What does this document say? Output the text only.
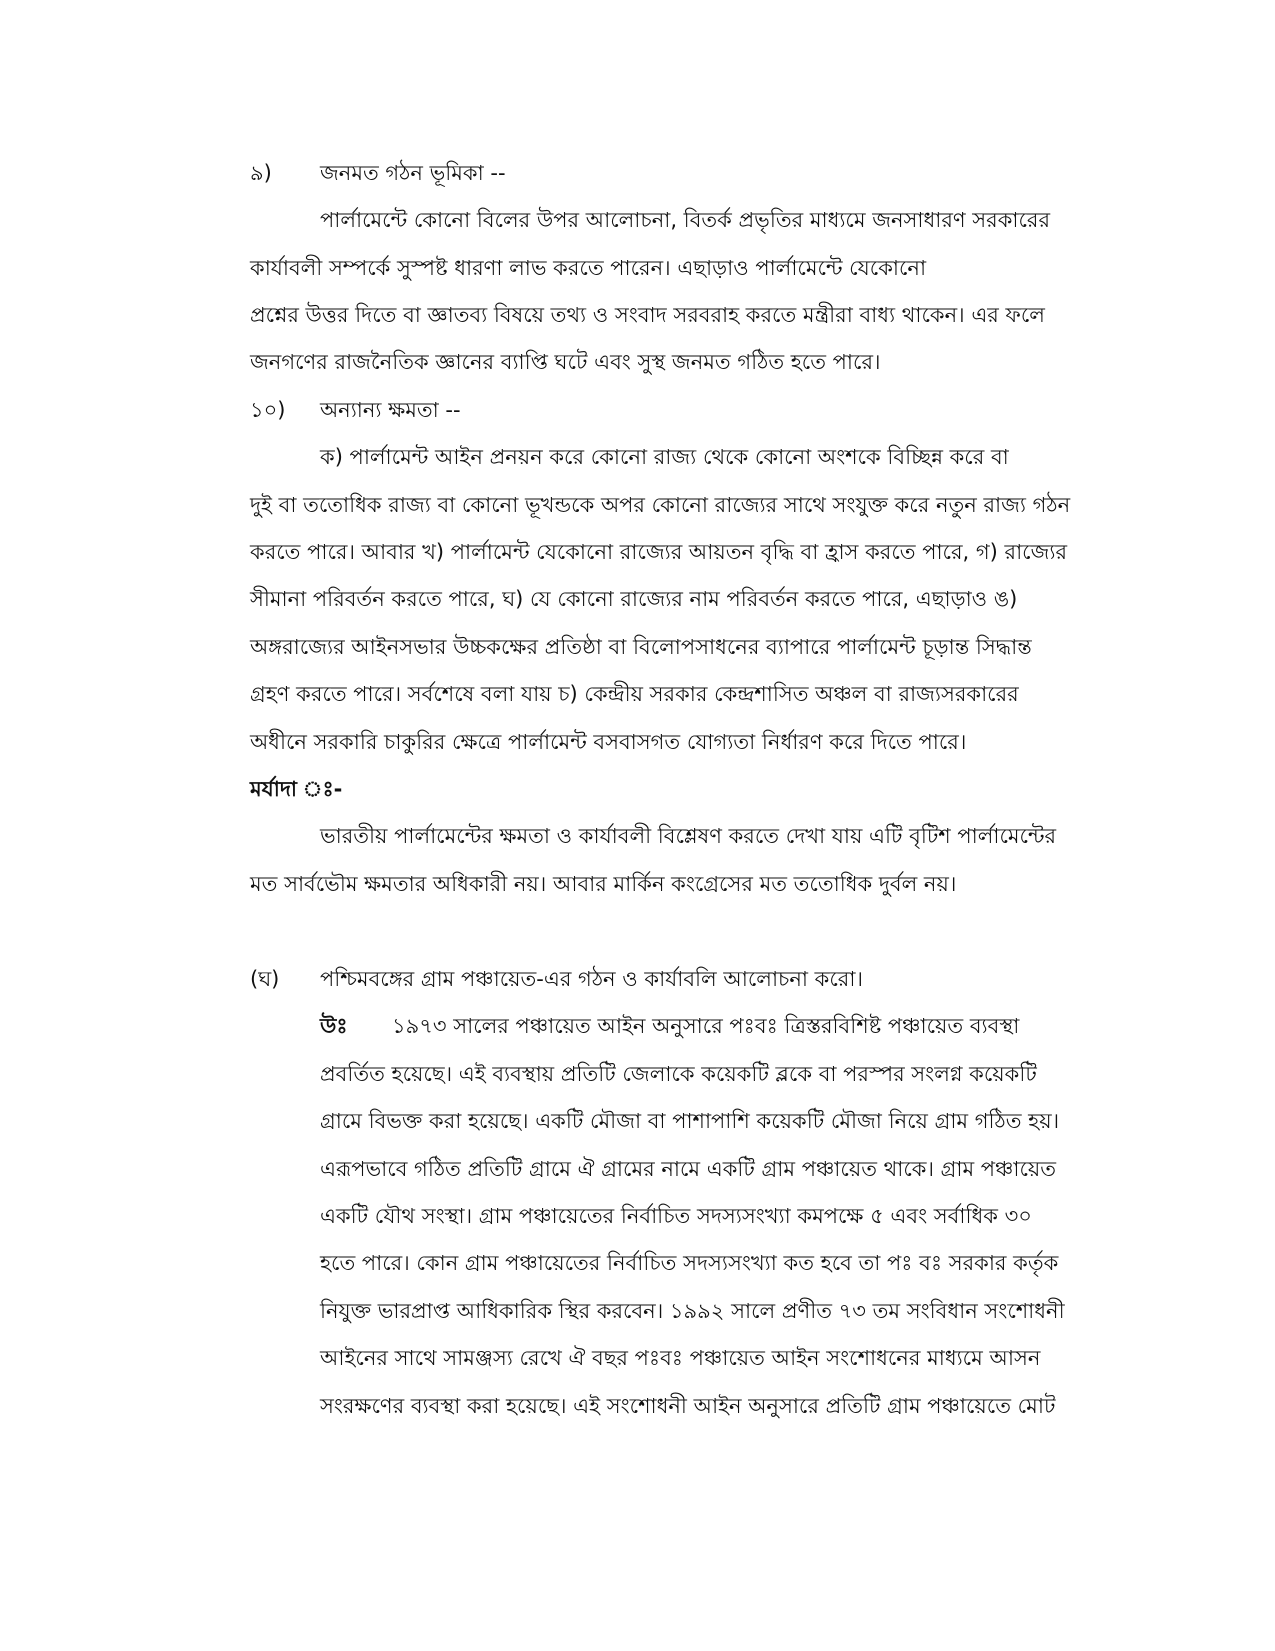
৯) জনমত গঠন ভূমিকা --
পার্লামেন্টে কোনো বিলের উপর আলোচনা, বিতর্ক প্রভৃতির মাধ্যমে জনসাধারণ সরকারের
কার্যাবলী সম্পর্কে সুস্পষ্ট ধারণা লাভ করতে পারেন। এছাড়াও পার্লামেন্টে যেকোনো
প্রশ্নের উত্তর দিতে বা জ্ঞাতব্য বিষয়ে তথ্য ও সংবাদ সরবরাহ করতে মন্ত্রীরা বাধ্য থাকেন। এর ফলে
জনগণের রাজনৈতিক জ্ঞানের ব্যাপ্তি ঘটে এবং সুস্থ জনমত গঠিত হতে পারে।
১০) অন্যান্য ক্ষমতা --
ক) পার্লামেন্ট আইন প্রনয়ন করে কোনো রাজ্য থেকে কোনো অংশকে বিচ্ছিন্ন করে বা
দুই বা ততোধিক রাজ্য বা কোনো ভূখন্ডকে অপর কোনো রাজ্যের সাথে সংযুক্ত করে নতুন রাজ্য গঠন
করতে পারে। আবার খ) পার্লামেন্ট যেকোনো রাজ্যের আয়তন বৃদ্ধি বা হ্রাস করতে পারে, গ) রাজ্যের
সীমানা পরিবর্তন করতে পারে, ঘ) যে কোনো রাজ্যের নাম পরিবর্তন করতে পারে, এছাড়াও ঙ)
অঙ্গরাজ্যের আইনসভার উচ্চকক্ষের প্রতিষ্ঠা বা বিলোপসাধনের ব্যাপারে পার্লামেন্ট চূড়ান্ত সিদ্ধান্ত
গ্রহণ করতে পারে। সর্বশেষে বলা যায় চ) কেন্দ্রীয় সরকার কেন্দ্রশাসিত অঞ্চল বা রাজ্যসরকারের
অধীনে সরকারি চাকুরির ক্ষেত্রে পার্লামেন্ট বসবাসগত যোগ্যতা নির্ধারণ করে দিতে পারে।
মর্যাদা ঃ-
ভারতীয় পার্লামেন্টের ক্ষমতা ও কার্যাবলী বিশ্লেষণ করতে দেখা যায় এটি বৃটিশ পার্লামেন্টের
মত সার্বভৌম ক্ষমতার অধিকারী নয়। আবার মার্কিন কংগ্রেসের মত ততোধিক দুর্বল নয়।
(ঘ) পশ্চিমবঙ্গের গ্রাম পঞ্চায়েত-এর গঠন ও কার্যাবলি আলোচনা করো।
উঃ ১৯৭৩ সালের পঞ্চায়েত আইন অনুসারে পঃবঃ ত্রিস্তরবিশিষ্ট পঞ্চায়েত ব্যবস্থা
প্রবর্তিত হয়েছে। এই ব্যবস্থায় প্রতিটি জেলাকে কয়েকটি ব্লকে বা পরস্পর সংলগ্ন কয়েকটি
গ্রামে বিভক্ত করা হয়েছে। একটি মৌজা বা পাশাপাশি কয়েকটি মৌজা নিয়ে গ্রাম গঠিত হয়।
এরূপভাবে গঠিত প্রতিটি গ্রামে ঐ গ্রামের নামে একটি গ্রাম পঞ্চায়েত থাকে। গ্রাম পঞ্চায়েত
একটি যৌথ সংস্থা। গ্রাম পঞ্চায়েতের নির্বাচিত সদস্যসংখ্যা কমপক্ষে ৫ এবং সর্বাধিক ৩০
হতে পারে। কোন গ্রাম পঞ্চায়েতের নির্বাচিত সদস্যসংখ্যা কত হবে তা পঃ বঃ সরকার কর্তৃক
নিযুক্ত ভারপ্রাপ্ত আধিকারিক স্থির করবেন। ১৯৯২ সালে প্রণীত ৭৩ তম সংবিধান সংশোধনী
আইনের সাথে সামঞ্জস্য রেখে ঐ বছর পঃবঃ পঞ্চায়েত আইন সংশোধনের মাধ্যমে আসন
সংরক্ষণের ব্যবস্থা করা হয়েছে। এই সংশোধনী আইন অনুসারে প্রতিটি গ্রাম পঞ্চায়েতে মোট
